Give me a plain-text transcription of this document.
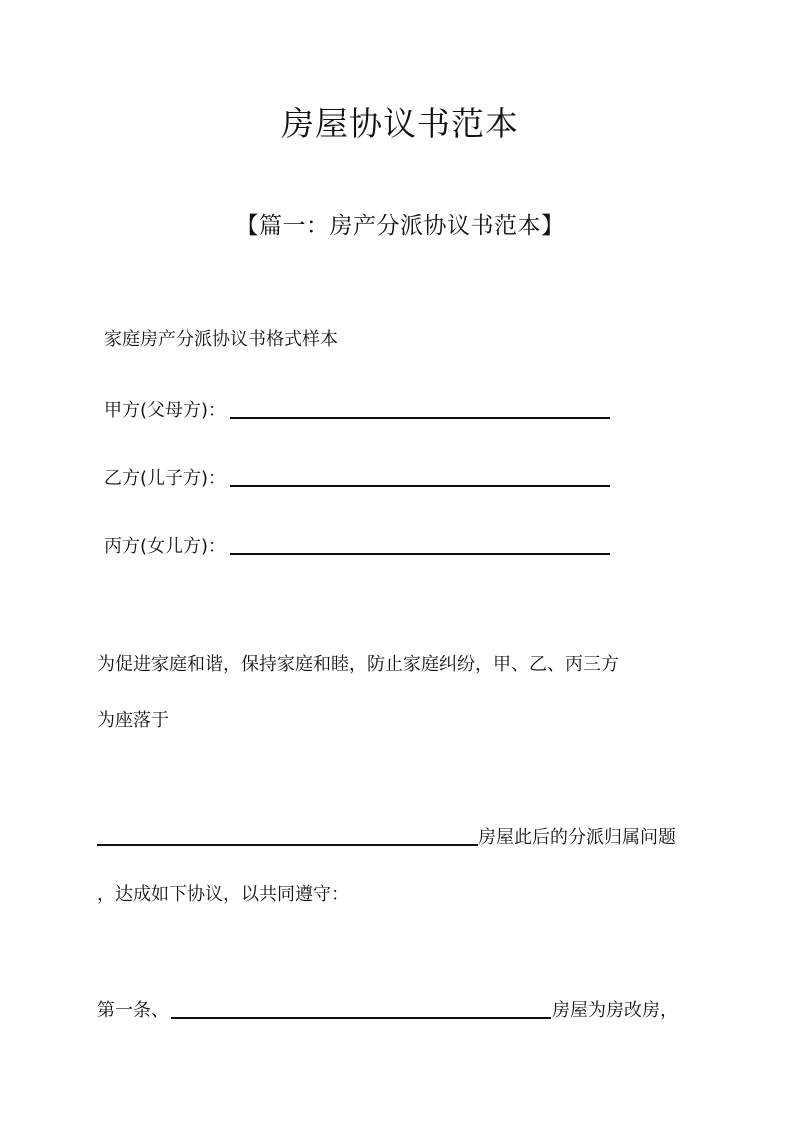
房屋协议书范本
【篇一：房产分派协议书范本】
家庭房产分派协议书格式样本
甲方(父母方)：
乙方(儿子方)：
丙方(女儿方)：
为促进家庭和谐，保持家庭和睦，防止家庭纠纷，甲、乙、丙三方
为座落于
房屋此后的分派归属问题
，达成如下协议，以共同遵守：
第一条、	房屋为房改房，
